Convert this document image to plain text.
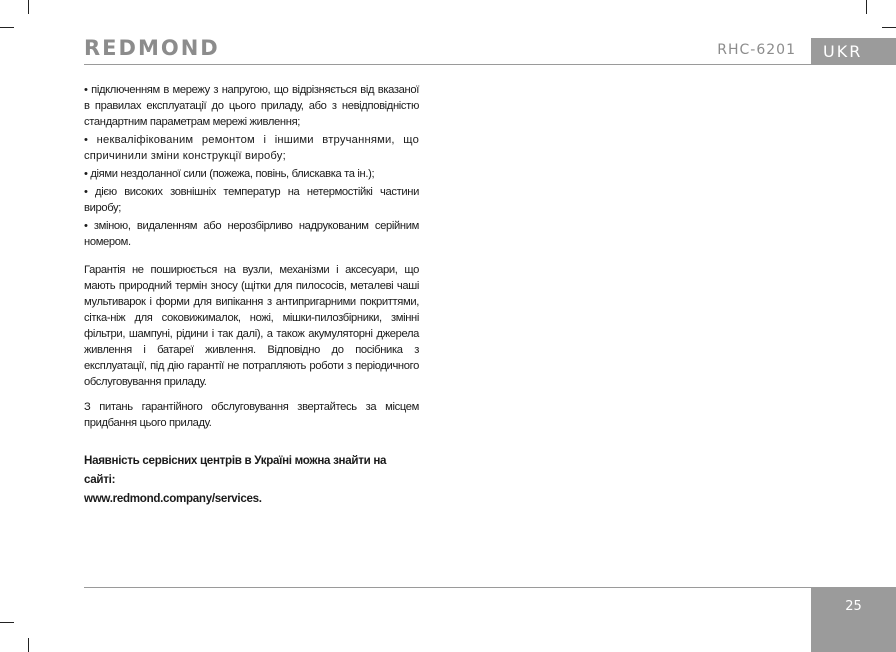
REDMOND	RHC-6201	UKR

• підключенням в мережу з напругою, що відрізняється від вказаної в правилах експлуатації до цього приладу, або з невідповідністю стандартним параметрам мережі живлення;

• некваліфікованим ремонтом і іншими втручаннями, що спричинили зміни конструкції виробу;

• діями нездоланної сили (пожежа, повінь, блискавка та ін.);

• дією високих зовнішніх температур на нетермостійкі частини виробу;

• зміною, видаленням або нерозбірливо надрукованим серійним номером.

Гарантія не поширюється на вузли, механізми і аксесуари, що мають природний термін зносу (щітки для пилососів, металеві чаші мультиварок і форми для випікання з антипригарними покриттями, сітка-ніж для соковижималок, ножі, мішки-пилозбірники, змінні фільтри, шампуні, рідини і так далі), а також акумуляторні джерела живлення і батареї живлення. Відповідно до посібника з експлуатації, під дію гарантії не потрапляють роботи з періодичного обслуговування приладу.

З питань гарантійного обслуговування звертайтесь за місцем придбання цього приладу.

Наявність сервісних центрів в Україні можна знайти на сайті:

www.redmond.company/services.

25
